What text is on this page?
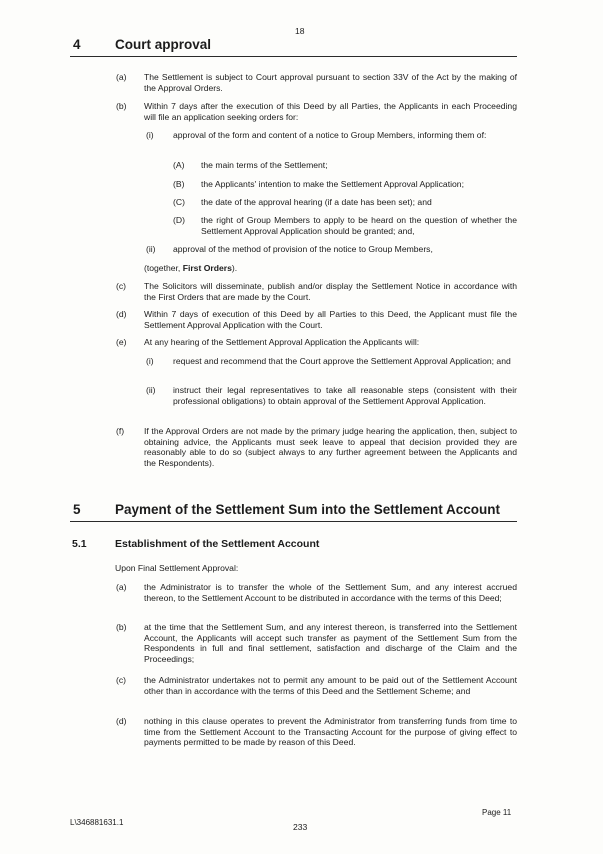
18
4	Court approval
(a) The Settlement is subject to Court approval pursuant to section 33V of the Act by the making of the Approval Orders.
(b) Within 7 days after the execution of this Deed by all Parties, the Applicants in each Proceeding will file an application seeking orders for:
(i) approval of the form and content of a notice to Group Members, informing them of:
(A) the main terms of the Settlement;
(B) the Applicants' intention to make the Settlement Approval Application;
(C) the date of the approval hearing (if a date has been set); and
(D) the right of Group Members to apply to be heard on the question of whether the Settlement Approval Application should be granted; and,
(ii) approval of the method of provision of the notice to Group Members,
(together, First Orders).
(c) The Solicitors will disseminate, publish and/or display the Settlement Notice in accordance with the First Orders that are made by the Court.
(d) Within 7 days of execution of this Deed by all Parties to this Deed, the Applicant must file the Settlement Approval Application with the Court.
(e) At any hearing of the Settlement Approval Application the Applicants will:
(i) request and recommend that the Court approve the Settlement Approval Application; and
(ii) instruct their legal representatives to take all reasonable steps (consistent with their professional obligations) to obtain approval of the Settlement Approval Application.
(f) If the Approval Orders are not made by the primary judge hearing the application, then, subject to obtaining advice, the Applicants must seek leave to appeal that decision provided they are reasonably able to do so (subject always to any further agreement between the Applicants and the Respondents).
5	Payment of the Settlement Sum into the Settlement Account
5.1	Establishment of the Settlement Account
Upon Final Settlement Approval:
(a) the Administrator is to transfer the whole of the Settlement Sum, and any interest accrued thereon, to the Settlement Account to be distributed in accordance with the terms of this Deed;
(b) at the time that the Settlement Sum, and any interest thereon, is transferred into the Settlement Account, the Applicants will accept such transfer as payment of the Settlement Sum from the Respondents in full and final settlement, satisfaction and discharge of the Claim and the Proceedings;
(c) the Administrator undertakes not to permit any amount to be paid out of the Settlement Account other than in accordance with the terms of this Deed and the Settlement Scheme; and
(d) nothing in this clause operates to prevent the Administrator from transferring funds from time to time from the Settlement Account to the Transacting Account for the purpose of giving effect to payments permitted to be made by reason of this Deed.
Page 11
L\346881631.1	233
